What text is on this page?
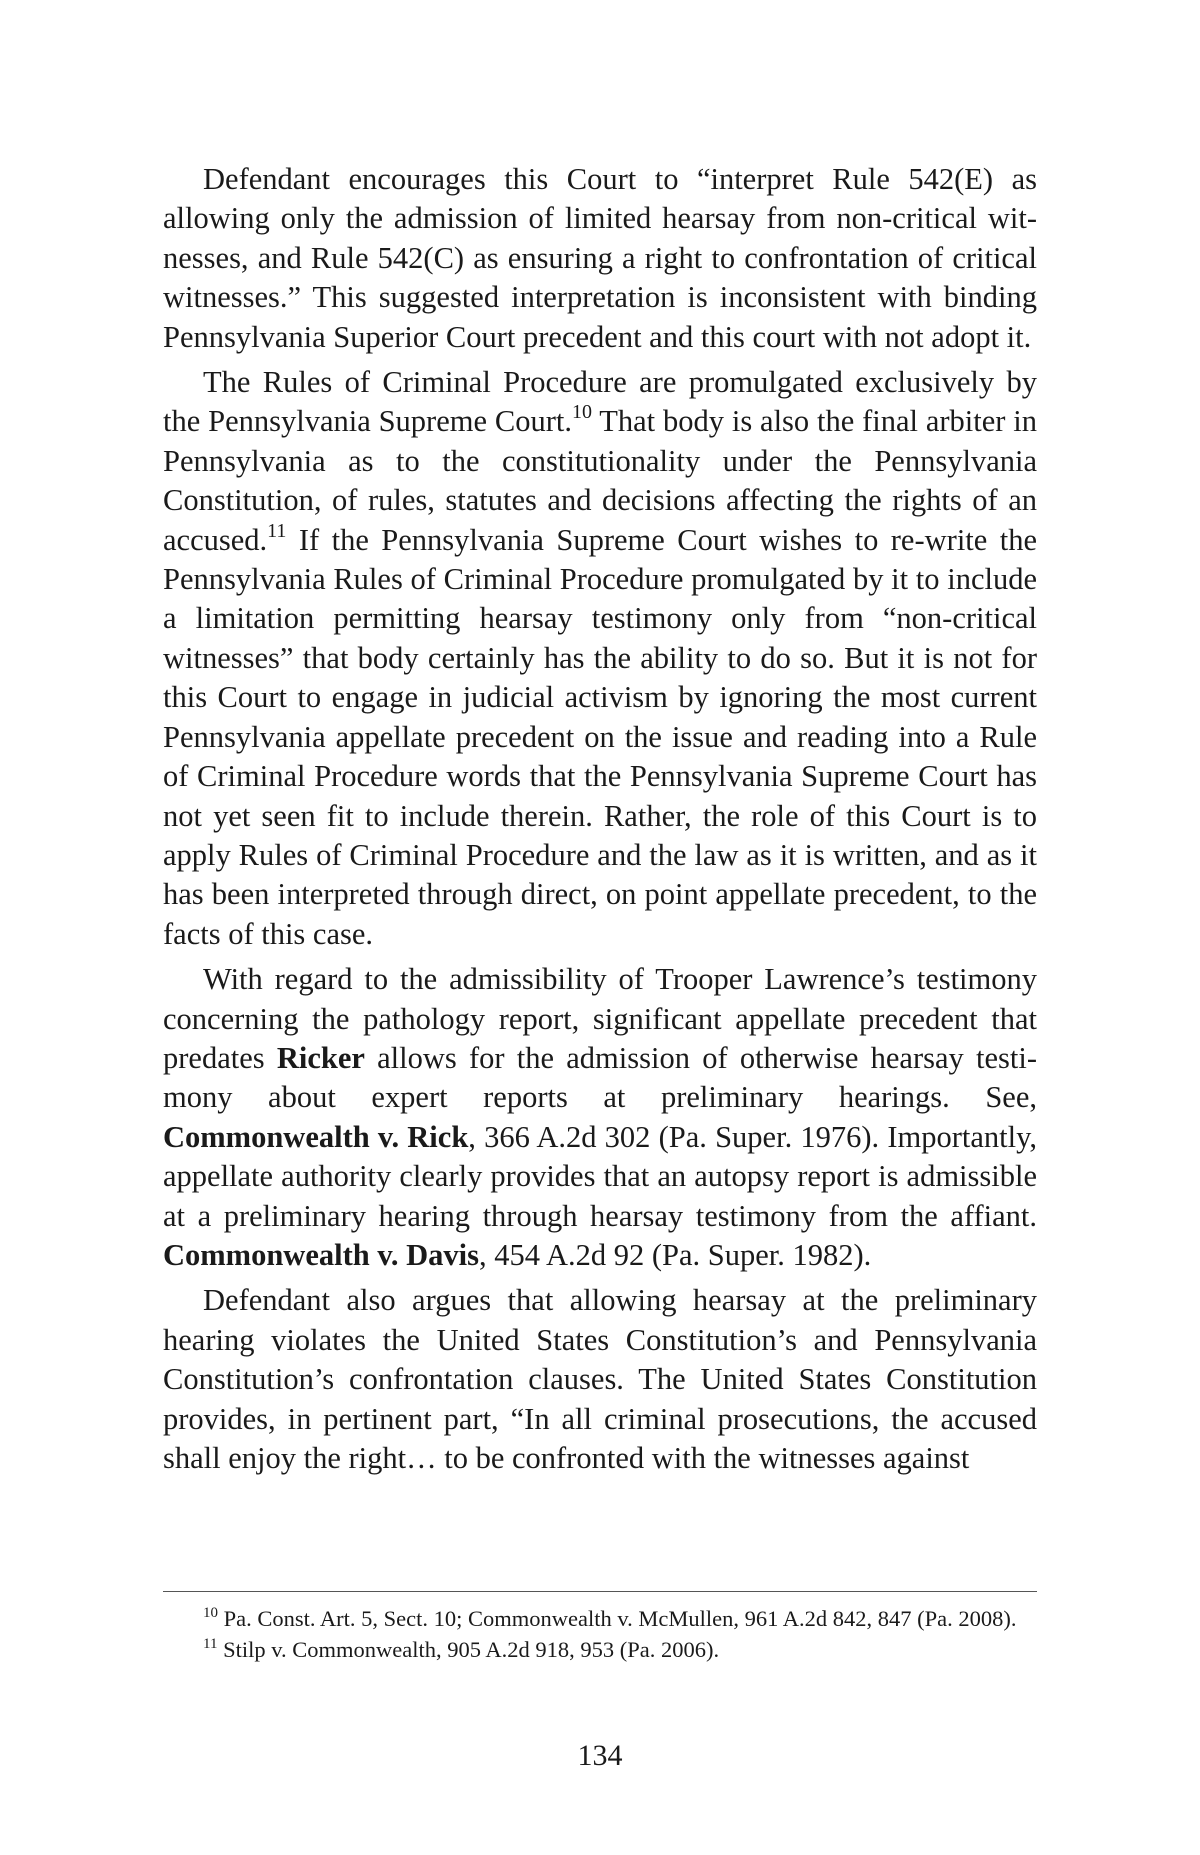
Defendant encourages this Court to “interpret Rule 542(E) as allowing only the admission of limited hearsay from non-critical witnesses, and Rule 542(C) as ensuring a right to confrontation of critical witnesses.” This suggested interpretation is inconsistent with binding Pennsylvania Superior Court precedent and this court with not adopt it.

The Rules of Criminal Procedure are promulgated exclusively by the Pennsylvania Supreme Court.$^{10}$ That body is also the final arbiter in Pennsylvania as to the constitutionality under the Pennsylvania Constitution, of rules, statutes and decisions affecting the rights of an accused.$^{11}$ If the Pennsylvania Supreme Court wishes to re-write the Pennsylvania Rules of Criminal Procedure promulgated by it to include a limitation permitting hearsay testimony only from “non-critical witnesses” that body certainly has the ability to do so. But it is not for this Court to engage in judicial activism by ignoring the most current Pennsylvania appellate precedent on the issue and reading into a Rule of Criminal Procedure words that the Pennsylvania Supreme Court has not yet seen fit to include therein. Rather, the role of this Court is to apply Rules of Criminal Procedure and the law as it is written, and as it has been interpreted through direct, on point appellate precedent, to the facts of this case.

With regard to the admissibility of Trooper Lawrence’s testimony concerning the pathology report, significant appellate precedent that predates Ricker allows for the admission of otherwise hearsay testimony about expert reports at preliminary hearings. See, Commonwealth v. Rick, 366 A.2d 302 (Pa. Super. 1976). Importantly, appellate authority clearly provides that an autopsy report is admissible at a preliminary hearing through hearsay testimony from the affiant. Commonwealth v. Davis, 454 A.2d 92 (Pa. Super. 1982).

Defendant also argues that allowing hearsay at the preliminary hearing violates the United States Constitution’s and Pennsylvania Constitution’s confrontation clauses. The United States Constitution provides, in pertinent part, “In all criminal prosecutions, the accused shall enjoy the right… to be confronted with the witnesses against

$^{10}$ Pa. Const. Art. 5, Sect. 10; Commonwealth v. McMullen, 961 A.2d 842, 847 (Pa. 2008).

$^{11}$ Stilp v. Commonwealth, 905 A.2d 918, 953 (Pa. 2006).

134
